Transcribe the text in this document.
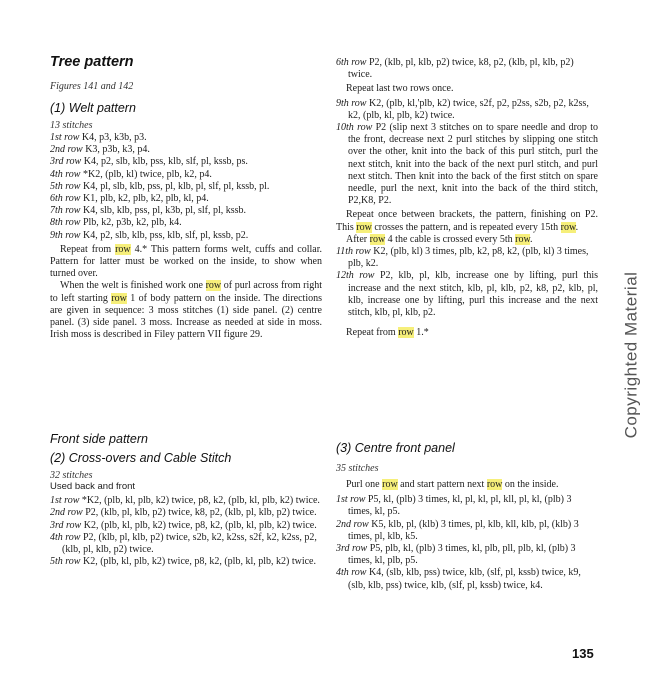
Tree pattern

Figures 141 and 142

(1) Welt pattern

13 stitches

1st row K4, p3, k3b, p3.

2nd row K3, p3b, k3, p4.

3rd row K4, p2, slb, klb, pss, klb, slf, pl, kssb, ps.

4th row *K2, (plb, kl) twice, plb, k2, p4.

5th row K4, pl, slb, klb, pss, pl, klb, pl, slf, pl, kssb, pl.

6th row K1, plb, k2, plb, k2, plb, kl, p4.

7th row K4, slb, klb, pss, pl, k3b, pl, slf, pl, kssb.

8th row Plb, k2, p3b, k2, plb, k4.

9th row K4, p2, slb, klb, pss, klb, slf, pl, kssb, p2.

Repeat from row 4.* This pattern forms welt, cuffs and collar. Pattern for latter must be worked on the inside, to show when turned over.

When the welt is finished work one row of purl across from right to left starting row 1 of body pattern on the inside. The directions are given in sequence: 3 moss stitches (1) side panel. (2) centre panel. (3) side panel. 3 moss. Increase as needed at side in moss. Irish moss is described in Filey pattern VII figure 29.

Front side pattern
(2) Cross-overs and Cable Stitch

32 stitches

Used back and front

1st row *K2, (plb, kl, plb, k2) twice, p8, k2, (plb, kl, plb, k2) twice.

2nd row P2, (klb, pl, klb, p2) twice, k8, p2, (klb, pl, klb, p2) twice.

3rd row K2, (plb, kl, plb, k2) twice, p8, k2, (plb, kl, plb, k2) twice.

4th row P2, (klb, pl, klb, p2) twice, s2b, k2, k2ss, s2f, k2, k2ss, p2, (klb, pl, klb, p2) twice.

5th row K2, (plb, kl, plb, k2) twice, p8, k2, (plb, kl, plb, k2) twice.

6th row P2, (klb, pl, klb, p2) twice, k8, p2, (klb, pl, klb, p2) twice.

Repeat last two rows once.

9th row K2, (plb, kl,'plb, k2) twice, s2f, p2, p2ss, s2b, p2, k2ss, k2, (plb, kl, plb, k2) twice.

10th row P2 (slip next 3 stitches on to spare needle and drop to the front, decrease next 2 purl stitches by slipping one stitch over the other, knit into the back of this purl stitch, purl the next stitch, knit into the back of the next purl stitch, and purl next stitch. Then knit into the back of the first stitch on spare needle, purl the next, knit into the back of the third stitch, P2,K8, P2.

Repeat once between brackets, the pattern, finishing on P2. This row crosses the pattern, and is repeated every 15th row.

After row 4 the cable is crossed every 5th row.

11th row K2, (plb, kl) 3 times, plb, k2, p8, k2, (plb, kl) 3 times, plb, k2.

12th row P2, klb, pl, klb, increase one by lifting, purl this increase and the next stitch, klb, pl, klb, p2, k8, p2, klb, pl, klb, increase one by lifting, purl this increase and the next stitch, klb, pl, klb, p2.

Repeat from row 1.*

(3) Centre front panel

35 stitches

Purl one row and start pattern next row on the inside.

1st row P5, kl, (plb) 3 times, kl, pl, kl, pl, kll, pl, kl, (plb) 3 times, kl, p5.

2nd row K5, klb, pl, (klb) 3 times, pl, klb, kll, klb, pl, (klb) 3 times, pl, klb, k5.

3rd row P5, plb, kl, (plb) 3 times, kl, plb, pll, plb, kl, (plb) 3 times, kl, plb, p5.

4th row K4, (slb, klb, pss) twice, klb, (slf, pl, kssb) twice, k9, (slb, klb, pss) twice, klb, (slf, pl, kssb) twice, k4.

Copyrighted Material
135
